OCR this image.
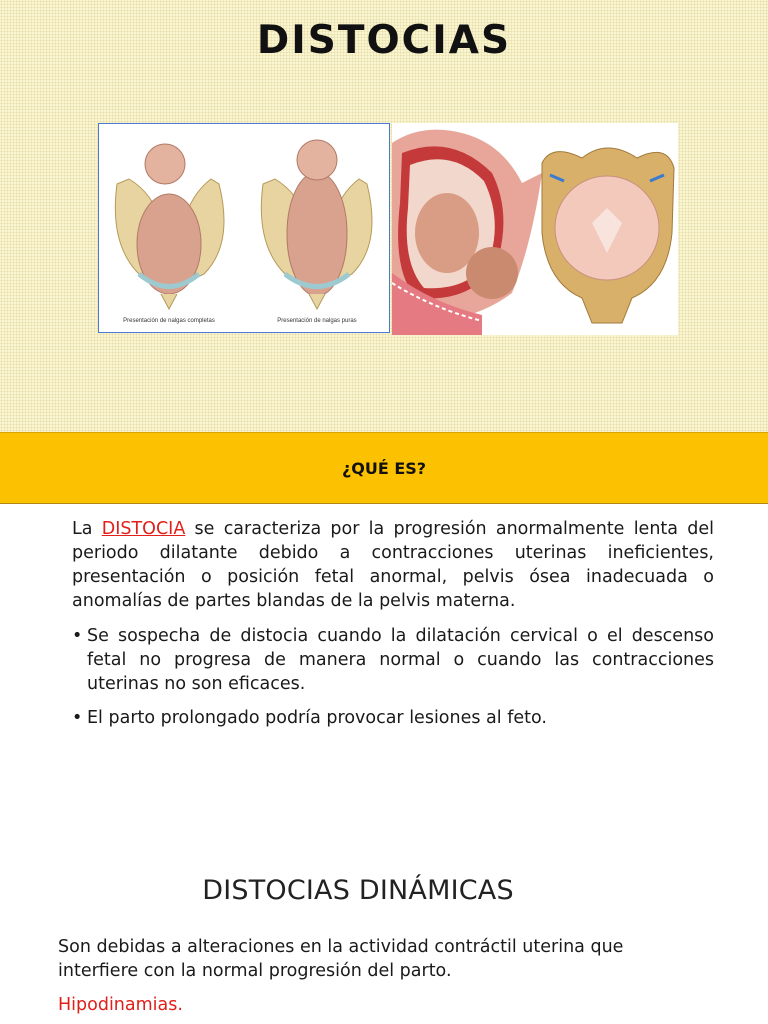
DISTOCIAS
Presentación de nalgas completas	Presentación de nalgas puras
¿QUÉ ES?
La DISTOCIA se caracteriza por la progresión anormalmente lenta del periodo dilatante debido a contracciones uterinas ineficientes, presentación o posición fetal anormal, pelvis ósea inadecuada o anomalías de partes blandas de la pelvis materna.
• Se sospecha de distocia cuando la dilatación cervical o el descenso fetal no progresa de manera normal o cuando las contracciones uterinas no son eficaces.
• El parto prolongado podría provocar lesiones al feto.
DISTOCIAS DINÁMICAS
Son debidas a alteraciones en la actividad contráctil uterina que interfiere con la normal progresión del parto.
Hipodinamias.
